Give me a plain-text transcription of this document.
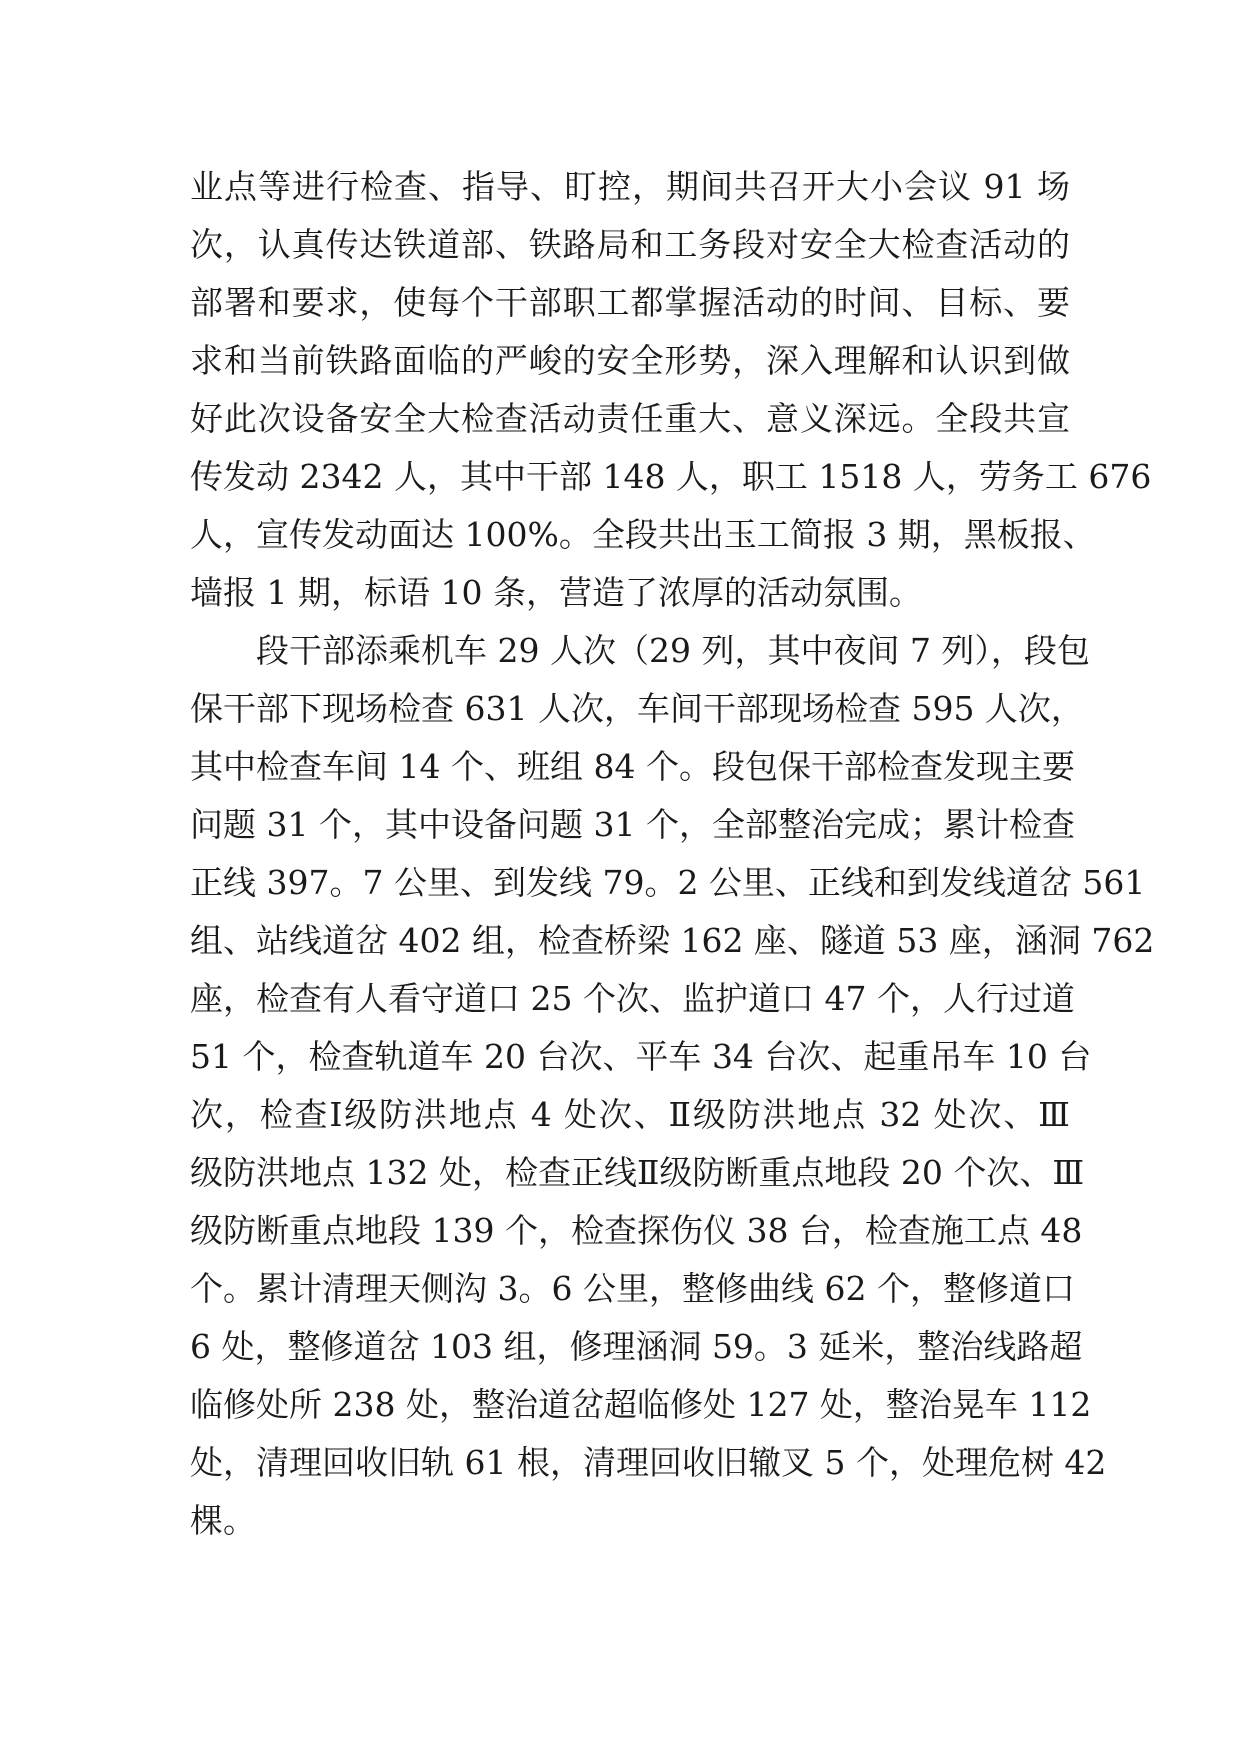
业点等进行检查、指导、盯控，期间共召开大小会议 91 场
次，认真传达铁道部、铁路局和工务段对安全大检查活动的
部署和要求，使每个干部职工都掌握活动的时间、目标、要
求和当前铁路面临的严峻的安全形势，深入理解和认识到做
好此次设备安全大检查活动责任重大、意义深远。全段共宣
传发动 2342 人，其中干部 148 人，职工 1518 人，劳务工 676
人，宣传发动面达 100%。全段共出玉工简报 3 期，黑板报、
墙报 1 期，标语 10 条，营造了浓厚的活动氛围。
段干部添乘机车 29 人次（29 列，其中夜间 7 列），段包
保干部下现场检查 631 人次，车间干部现场检查 595 人次，
其中检查车间 14 个、班组 84 个。段包保干部检查发现主要
问题 31 个，其中设备问题 31 个，全部整治完成；累计检查
正线 397。7 公里、到发线 79。2 公里、正线和到发线道岔 561
组、站线道岔 402 组，检查桥梁 162 座、隧道 53 座，涵洞 762
座，检查有人看守道口 25 个次、监护道口 47 个，人行过道
51 个，检查轨道车 20 台次、平车 34 台次、起重吊车 10 台
次，检查Ⅰ级防洪地点 4 处次、Ⅱ级防洪地点 32 处次、Ⅲ
级防洪地点 132 处，检查正线Ⅱ级防断重点地段 20 个次、Ⅲ
级防断重点地段 139 个，检查探伤仪 38 台，检查施工点 48
个。累计清理天侧沟 3。6 公里，整修曲线 62 个，整修道口
6 处，整修道岔 103 组，修理涵洞 59。3 延米，整治线路超
临修处所 238 处，整治道岔超临修处 127 处，整治晃车 112
处，清理回收旧轨 61 根，清理回收旧辙叉 5 个，处理危树 42
棵。
